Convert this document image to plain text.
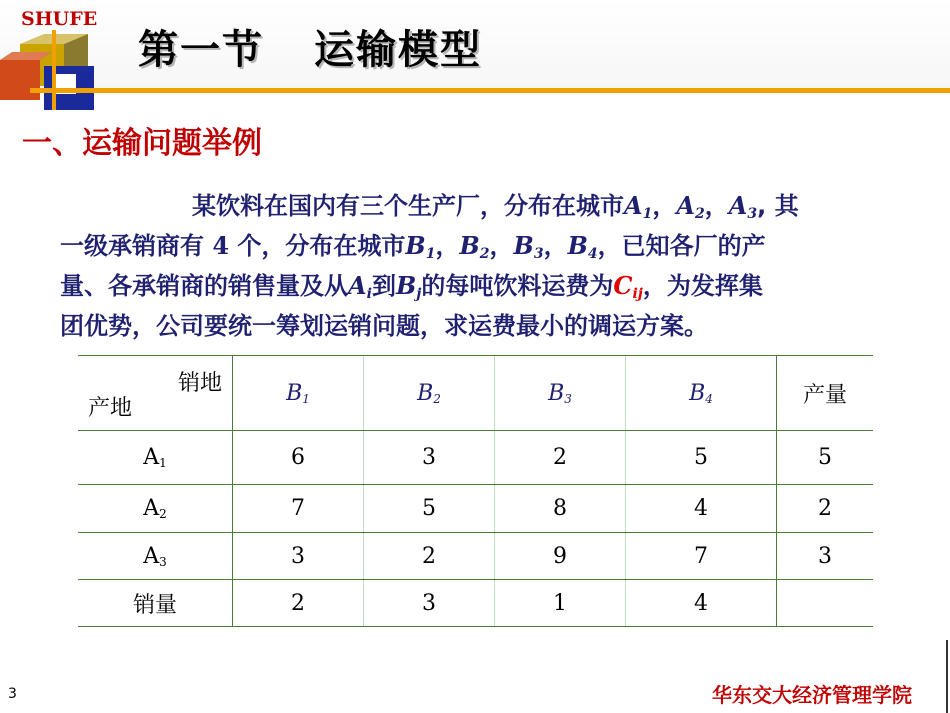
SHUFE
第一节 运输模型
一、运输问题举例

某饮料在国内有三个生产厂，分布在城市$A_1$，$A_2$，$A_3$, 其
一级承销商有 4 个，分布在城市$B_1$，$B_2$，$B_3$，$B_4$，已知各厂的产
量、各承销商的销售量及从$A_i$到$B_j$的每吨饮料运费为$C_{ij}$，为发挥集
团优势，公司要统一筹划运销问题，求运费最小的调运方案。

销地
产地	$B_1$	$B_2$	$B_3$	$B_4$	产量
$A_1$	6	3	2	5	5
$A_2$	7	5	8	4	2
$A_3$	3	2	9	7	3
销量	2	3	1	4	
3	华东交大经济管理学院
